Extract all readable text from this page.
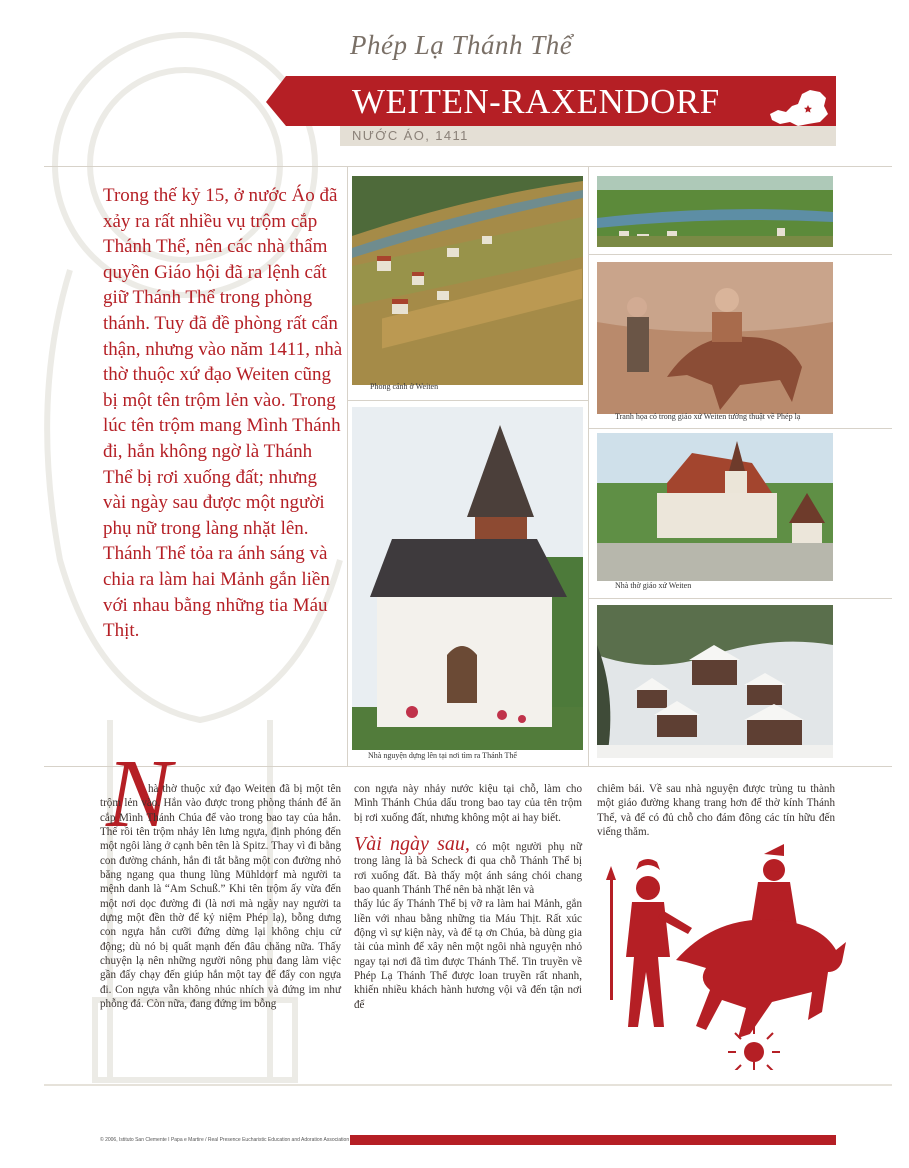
Phép Lạ Thánh Thể
WEITEN-RAXENDORF
NƯỚC ÁO, 1411

Trong thế kỷ 15, ở nước Áo đã xảy ra rất nhiều vụ trộm cắp Thánh Thể, nên các nhà thẩm quyền Giáo hội đã ra lệnh cất giữ Thánh Thể trong phòng thánh. Tuy đã đề phòng rất cẩn thận, nhưng vào năm 1411, nhà thờ thuộc xứ đạo Weiten cũng bị một tên trộm lẻn vào. Trong lúc tên trộm mang Mình Thánh đi, hắn không ngờ là Thánh Thể bị rơi xuống đất; nhưng vài ngày sau được một người phụ nữ trong làng nhặt lên. Thánh Thể tỏa ra ánh sáng và chia ra làm hai Mảnh gắn liền với nhau bằng những tia Máu Thịt.

Phong cảnh ở Weiten
Nhà nguyện dựng lên tại nơi tìm ra Thánh Thể
Tranh họa có trong giáo xứ Weiten tường thuật về Phép lạ
Nhà thờ giáo xứ Weiten
N

hà thờ thuộc xứ đạo Weiten đã bị một tên trộm lẻn vào. Hắn vào được trong phòng thánh để ăn cắp Mình Thánh Chúa để vào trong bao tay của hắn. Thế rồi tên trộm nhảy lên lưng ngựa, định phóng đến một ngôi làng ở cạnh bên tên là Spitz. Thay vì đi bằng con đường chánh, hắn đi tắt bằng một con đường nhỏ băng ngang qua thung lũng Mühldorf mà người ta mệnh danh là “Am Schuß.” Khi tên trộm ấy vừa đến một nơi dọc đường đi (là nơi mà ngày nay người ta dựng một đền thờ để kỷ niệm Phép lạ), bỗng dưng con ngựa hắn cưỡi đứng dừng lại không chịu cử động; dù nó bị quất mạnh đến đâu chăng nữa. Thấy chuyện lạ nên những người nông phu đang làm việc gần đấy chạy đến giúp hắn một tay để đẩy con ngựa đi. Con ngựa vẫn không nhúc nhích và đứng im như phỗng đá. Còn nữa, đang đứng im bỗng

con ngựa này nhảy nước kiệu tại chỗ, làm cho Mình Thánh Chúa dấu trong bao tay của tên trộm bị rơi xuống đất, nhưng không một ai hay biết.

Vài ngày sau, có một người phụ nữ trong làng là bà Scheck đi qua chỗ Thánh Thể bị rơi xuống đất. Bà thấy một ánh sáng chói chang bao quanh Thánh Thể nên bà nhặt lên và

thấy lúc ấy Thánh Thể bị vỡ ra làm hai Mảnh, gắn liền với nhau bằng những tia Máu Thịt. Rất xúc động vì sự kiện này, và để tạ ơn Chúa, bà dùng gia tài của mình để xây nên một ngôi nhà nguyện nhỏ ngay tại nơi đã tìm được Thánh Thể. Tin truyền về Phép Lạ Thánh Thể được loan truyền rất nhanh, khiến nhiều khách hành hương vội vã đến tận nơi để

chiêm bái. Về sau nhà nguyện được trùng tu thành một giáo đường khang trang hơn để thờ kính Thánh Thể, và để có đủ chỗ cho đám đông các tín hữu đến viếng thăm.

© 2006, Istituto San Clemente I Papa e Martire / Real Presence Eucharistic Education and Adoration Association
